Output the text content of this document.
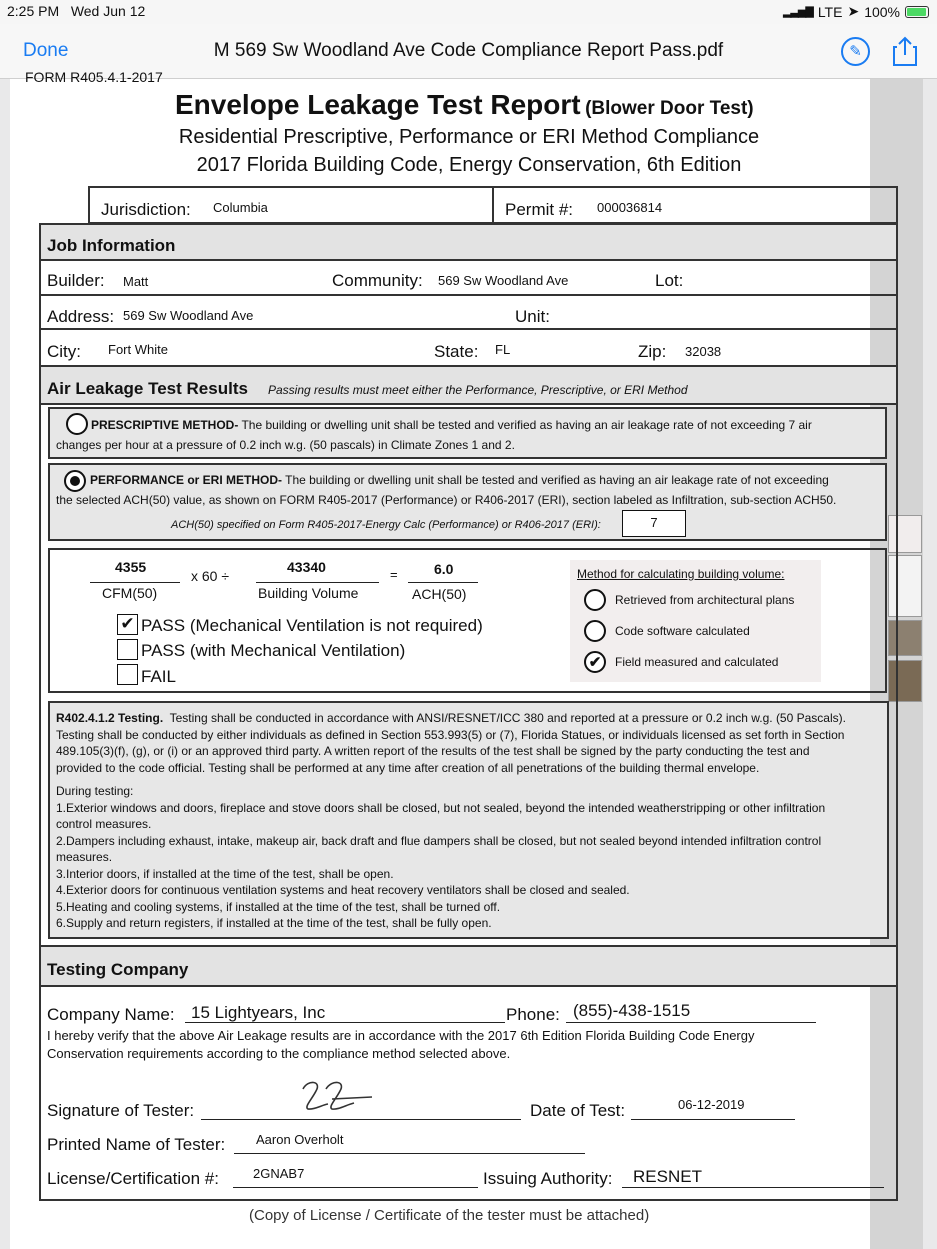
2:25 PM Wed Jun 12	▂▃▅▇ LTE ➤ 100%
Done	M 569 Sw Woodland Ave Code Compliance Report Pass.pdf	✎
FORM R405.4.1-2017
Envelope Leakage Test Report (Blower Door Test)
Residential Prescriptive, Performance or ERI Method Compliance
2017 Florida Building Code, Energy Conservation, 6th Edition
Jurisdiction: Columbia	Permit #: 000036814
Job Information
Builder: Matt	Community: 569 Sw Woodland Ave	Lot:
Address: 569 Sw Woodland Ave	Unit:
City: Fort White	State: FL	Zip: 32038
Air Leakage Test Results Passing results must meet either the Performance, Prescriptive, or ERI Method
PRESCRIPTIVE METHOD- The building or dwelling unit shall be tested and verified as having an air leakage rate of not exceeding 7 air
changes per hour at a pressure of 0.2 inch w.g. (50 pascals) in Climate Zones 1 and 2.
PERFORMANCE or ERI METHOD- The building or dwelling unit shall be tested and verified as having an air leakage rate of not exceeding
the selected ACH(50) value, as shown on FORM R405-2017 (Performance) or R406-2017 (ERI), section labeled as Infiltration, sub-section ACH50.
ACH(50) specified on Form R405-2017-Energy Calc (Performance) or R406-2017 (ERI):	7
4355
CFM(50)
x 60 ÷
43340
Building Volume
=	6.0
ACH(50)
✔ PASS (Mechanical Ventilation is not required)
PASS (with Mechanical Ventilation)
FAIL
Method for calculating building volume:
Retrieved from architectural plans
Code software calculated
✔	Field measured and calculated
R402.4.1.2 Testing. Testing shall be conducted in accordance with ANSI/RESNET/ICC 380 and reported at a pressure or 0.2 inch w.g. (50 Pascals).
Testing shall be conducted by either individuals as defined in Section 553.993(5) or (7), Florida Statues, or individuals licensed as set forth in Section
489.105(3)(f), (g), or (i) or an approved third party. A written report of the results of the test shall be signed by the party conducting the test and
provided to the code official. Testing shall be performed at any time after creation of all penetrations of the building thermal envelope.
During testing:
1.Exterior windows and doors, fireplace and stove doors shall be closed, but not sealed, beyond the intended weatherstripping or other infiltration
control measures.
2.Dampers including exhaust, intake, makeup air, back draft and flue dampers shall be closed, but not sealed beyond intended infiltration control
measures.
3.Interior doors, if installed at the time of the test, shall be open.
4.Exterior doors for continuous ventilation systems and heat recovery ventilators shall be closed and sealed.
5.Heating and cooling systems, if installed at the time of the test, shall be turned off.
6.Supply and return registers, if installed at the time of the test, shall be fully open.
Testing Company
Company Name: 15 Lightyears, Inc	Phone: (855)-438-1515
I hereby verify that the above Air Leakage results are in accordance with the 2017 6th Edition Florida Building Code Energy
Conservation requirements according to the compliance method selected above.
Signature of Tester:	Date of Test:	06-12-2019
Printed Name of Tester: Aaron Overholt
License/Certification #:	2GNAB7	Issuing Authority: RESNET
(Copy of License / Certificate of the tester must be attached)
